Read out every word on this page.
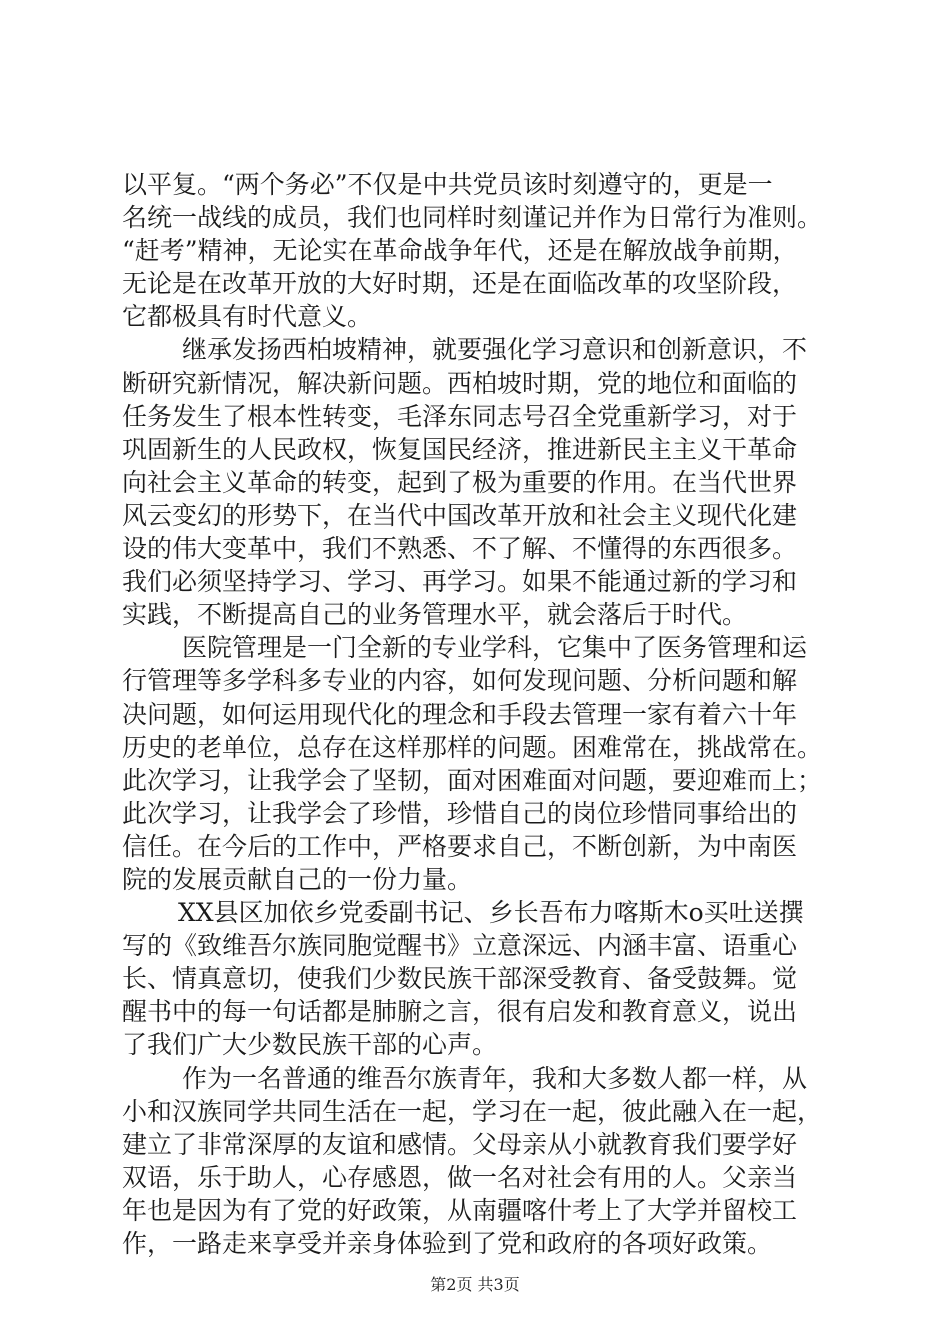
以平复。“两个务必”不仅是中共党员该时刻遵守的，更是一
名统一战线的成员，我们也同样时刻谨记并作为日常行为准则。
“赶考”精神，无论实在革命战争年代，还是在解放战争前期，
无论是在改革开放的大好时期，还是在面临改革的攻坚阶段，
它都极具有时代意义。
继承发扬西柏坡精神，就要强化学习意识和创新意识，不
断研究新情况，解决新问题。西柏坡时期，党的地位和面临的
任务发生了根本性转变，毛泽东同志号召全党重新学习，对于
巩固新生的人民政权，恢复国民经济，推进新民主主义干革命
向社会主义革命的转变，起到了极为重要的作用。在当代世界
风云变幻的形势下，在当代中国改革开放和社会主义现代化建
设的伟大变革中，我们不熟悉、不了解、不懂得的东西很多。
我们必须坚持学习、学习、再学习。如果不能通过新的学习和
实践，不断提高自己的业务管理水平，就会落后于时代。
医院管理是一门全新的专业学科，它集中了医务管理和运
行管理等多学科多专业的内容，如何发现问题、分析问题和解
决问题，如何运用现代化的理念和手段去管理一家有着六十年
历史的老单位，总存在这样那样的问题。困难常在，挑战常在。
此次学习，让我学会了坚韧，面对困难面对问题，要迎难而上；
此次学习，让我学会了珍惜，珍惜自己的岗位珍惜同事给出的
信任。在今后的工作中，严格要求自己，不断创新，为中南医
院的发展贡献自己的一份力量。
XX县区加依乡党委副书记、乡长吾布力喀斯木o买吐送撰
写的《致维吾尔族同胞觉醒书》立意深远、内涵丰富、语重心
长、情真意切，使我们少数民族干部深受教育、备受鼓舞。觉
醒书中的每一句话都是肺腑之言，很有启发和教育意义，说出
了我们广大少数民族干部的心声。
作为一名普通的维吾尔族青年，我和大多数人都一样，从
小和汉族同学共同生活在一起，学习在一起，彼此融入在一起，
建立了非常深厚的友谊和感情。父母亲从小就教育我们要学好
双语，乐于助人，心存感恩，做一名对社会有用的人。父亲当
年也是因为有了党的好政策，从南疆喀什考上了大学并留校工
作，一路走来享受并亲身体验到了党和政府的各项好政策。
第2页 共3页
